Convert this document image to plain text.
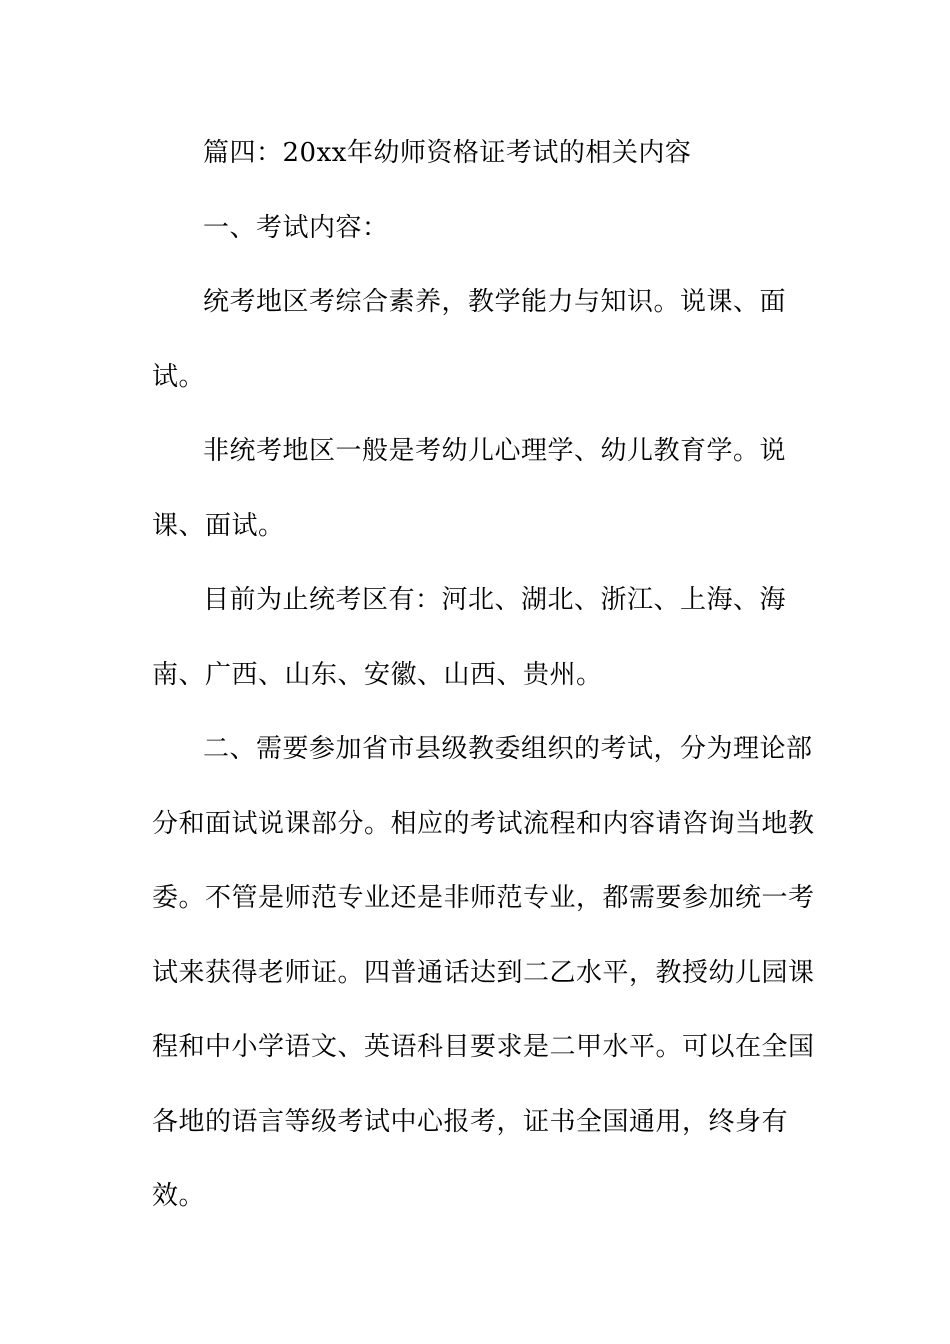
篇四：20xx年幼师资格证考试的相关内容
一、考试内容：
统考地区考综合素养，教学能力与知识。说课、面
试。
非统考地区一般是考幼儿心理学、幼儿教育学。说
课、面试。
目前为止统考区有：河北、湖北、浙江、上海、海
南、广西、山东、安徽、山西、贵州。
二、需要参加省市县级教委组织的考试，分为理论部
分和面试说课部分。相应的考试流程和内容请咨询当地教
委。不管是师范专业还是非师范专业，都需要参加统一考
试来获得老师证。四普通话达到二乙水平，教授幼儿园课
程和中小学语文、英语科目要求是二甲水平。可以在全国
各地的语言等级考试中心报考，证书全国通用，终身有
效。
